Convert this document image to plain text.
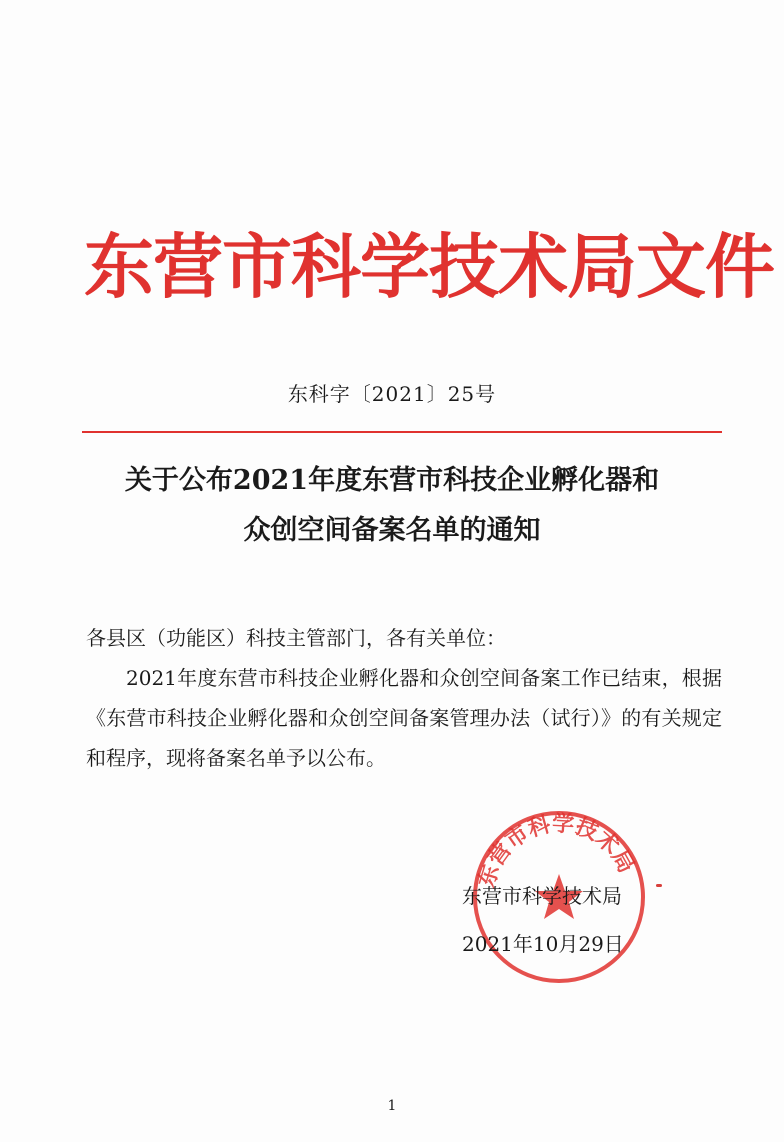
东营市科学技术局文件
东科字〔2021〕25号
关于公布2021年度东营市科技企业孵化器和
众创空间备案名单的通知
各县区（功能区）科技主管部门，各有关单位：
2021年度东营市科技企业孵化器和众创空间备案工作已结束，根据《东营市科技企业孵化器和众创空间备案管理办法（试行）》的有关规定和程序，现将备案名单予以公布。
东营市科学技术局
东营市科学技术局
2021年10月29日
1
